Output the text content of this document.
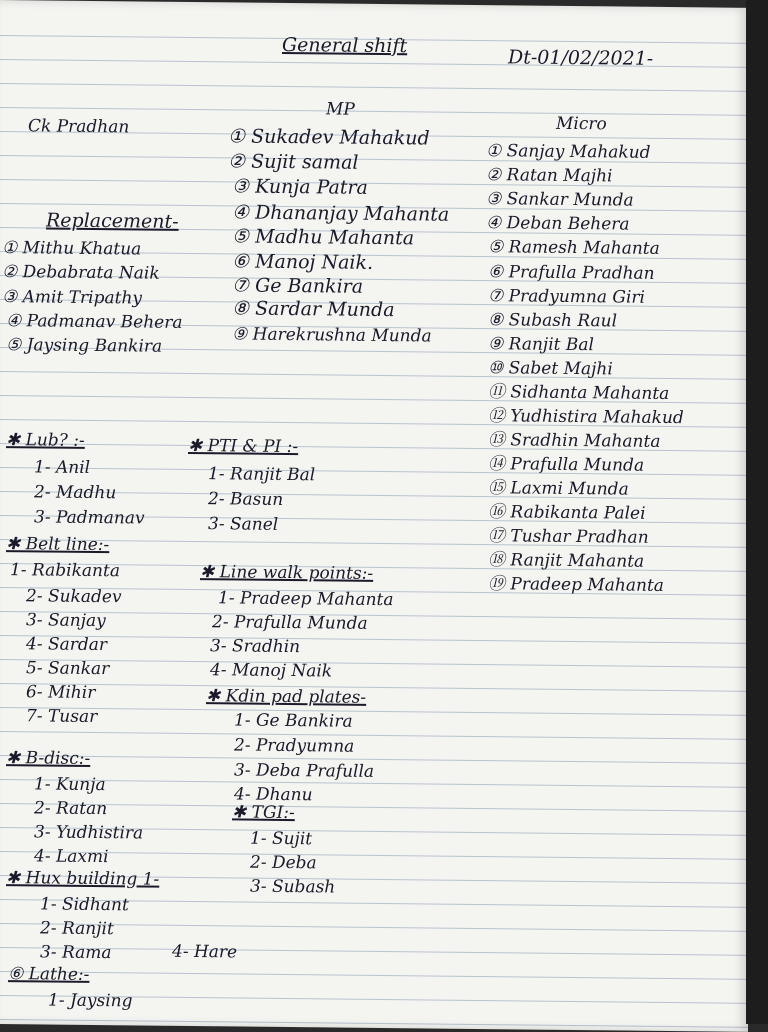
General shift
Dt-01/02/2021-
Ck Pradhan
MP
Micro
① Sukadev Mahakud
② Sujit samal
③ Kunja Patra
④ Dhananjay Mahanta
⑤ Madhu Mahanta
⑥ Manoj Naik.
⑦ Ge Bankira
⑧ Sardar Munda
⑨ Harekrushna Munda
① Sanjay Mahakud
② Ratan Majhi
③ Sankar Munda
④ Deban Behera
⑤ Ramesh Mahanta
⑥ Prafulla Pradhan
⑦ Pradyumna Giri
⑧ Subash Raul
⑨ Ranjit Bal
⑩ Sabet Majhi
⑪ Sidhanta Mahanta
⑫ Yudhistira Mahakud
⑬ Sradhin Mahanta
⑭ Prafulla Munda
⑮ Laxmi Munda
⑯ Rabikanta Palei
⑰ Tushar Pradhan
⑱ Ranjit Mahanta
⑲ Pradeep Mahanta
Replacement-
① Mithu Khatua
② Debabrata Naik
③ Amit Tripathy
④ Padmanav Behera
⑤ Jaysing Bankira
✱ Lub? :-
1- Anil
2- Madhu
3- Padmanav
✱ PTI & PI :-
1- Ranjit Bal
2- Basun
3- Sanel
✱ Belt line:-
1- Rabikanta
2- Sukadev
3- Sanjay
4- Sardar
5- Sankar
6- Mihir
7- Tusar
✱ Line walk points:-
1- Pradeep Mahanta
2- Prafulla Munda
3- Sradhin
4- Manoj Naik
✱ Kdin pad plates-
1- Ge Bankira
2- Pradyumna
3- Deba Prafulla
4- Dhanu
✱ B-disc:-
1- Kunja
2- Ratan
3- Yudhistira
4- Laxmi
✱ TGI:-
1- Sujit
2- Deba
3- Subash
✱ Hux building 1-
1- Sidhant
2- Ranjit
3- Rama	4- Hare
⑥ Lathe:-
1- Jaysing
